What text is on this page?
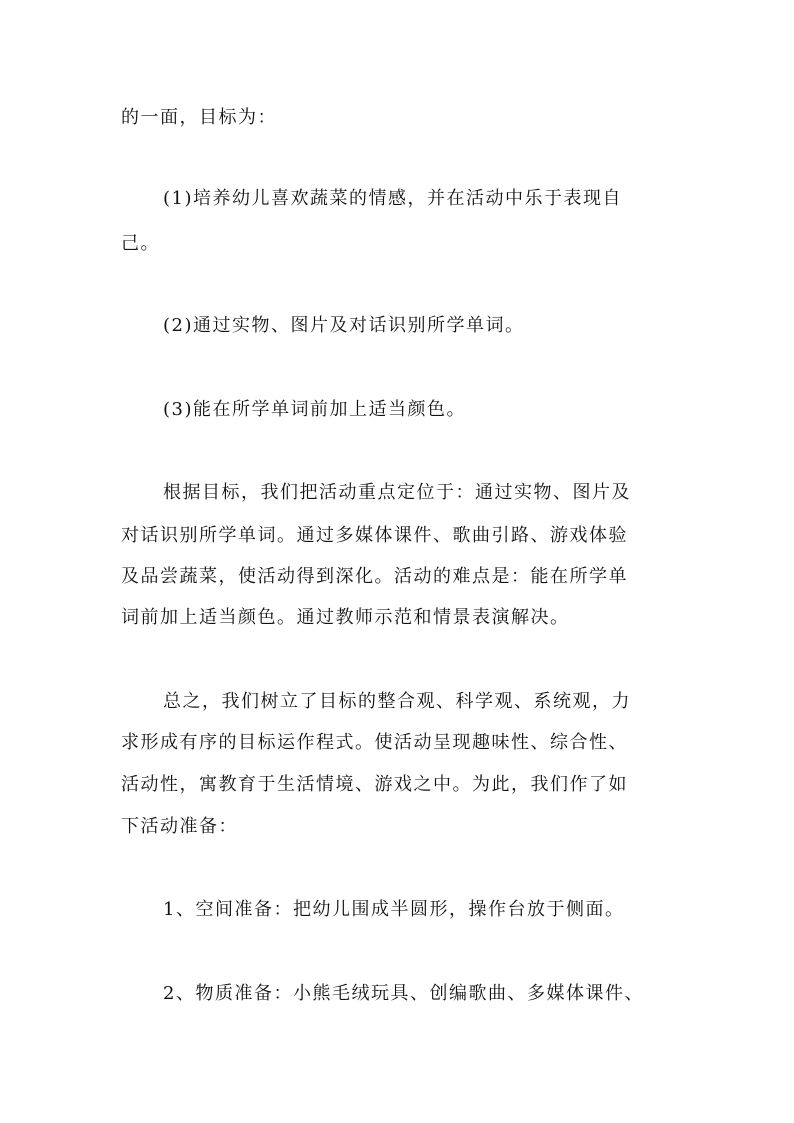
的一面，目标为：

(1)培养幼儿喜欢蔬菜的情感，并在活动中乐于表现自

己。

(2)通过实物、图片及对话识别所学单词。

(3)能在所学单词前加上适当颜色。

根据目标，我们把活动重点定位于：通过实物、图片及

对话识别所学单词。通过多媒体课件、歌曲引路、游戏体验

及品尝蔬菜，使活动得到深化。活动的难点是：能在所学单

词前加上适当颜色。通过教师示范和情景表演解决。

总之，我们树立了目标的整合观、科学观、系统观，力

求形成有序的目标运作程式。使活动呈现趣味性、综合性、

活动性，寓教育于生活情境、游戏之中。为此，我们作了如

下活动准备：

1、空间准备：把幼儿围成半圆形，操作台放于侧面。

2、物质准备：小熊毛绒玩具、创编歌曲、多媒体课件、
